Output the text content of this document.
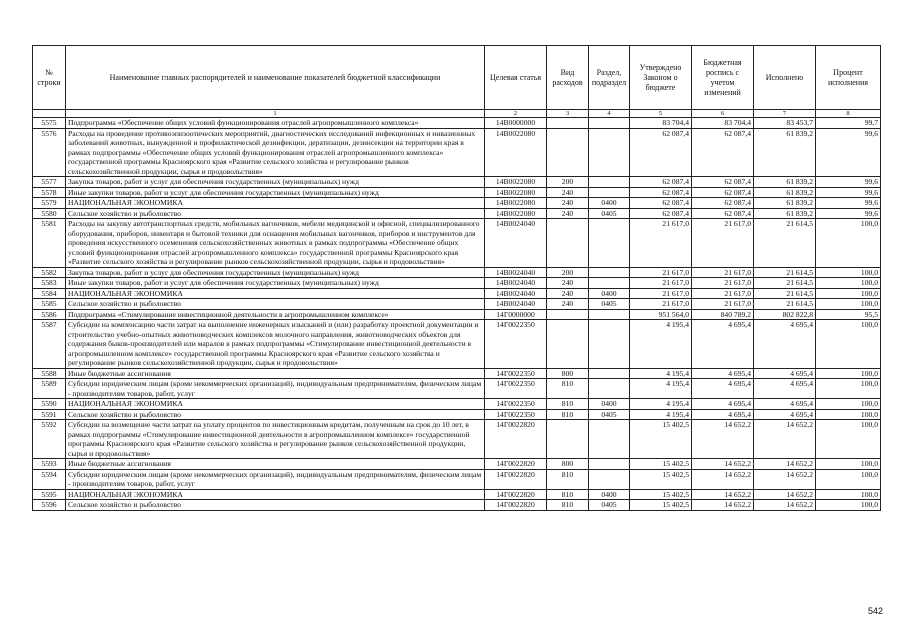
№ строки	Наименование главных распорядителей и наименование показателей бюджетной классификации	Целевая статья	Вид расходов	Раздел, подраздел	Утверждено Законом о бюджете	Бюджетная роспись с учетом изменений	Исполнено	Процент исполнения
	1	2	3	4	5	6	7	8
5575	Подпрограмма «Обеспечение общих условий функционирования отраслей агропромышленного комплекса»	14В0000000			83 704,4	83 704,4	83 453,7	99,7
5576	Расходы на проведение противоэпизоотических мероприятий, диагностических исследований инфекционных и инвазионных заболеваний животных, вынужденной и профилактической дезинфекции, дератизации, дезинсекции на территории края в рамках подпрограммы «Обеспечение общих условий функционирования отраслей агропромышленного комплекса» государственной программы Красноярского края «Развитие сельского хозяйства и регулирование рынков сельскохозяйственной продукции, сырья и продовольствия»	14В0022080			62 087,4	62 087,4	61 839,2	99,6
5577	Закупка товаров, работ и услуг для обеспечения государственных (муниципальных) нужд	14В0022080	200		62 087,4	62 087,4	61 839,2	99,6
5578	Иные закупки товаров, работ и услуг для обеспечения государственных (муниципальных) нужд	14В0022080	240		62 087,4	62 087,4	61 839,2	99,6
5579	НАЦИОНАЛЬНАЯ ЭКОНОМИКА	14В0022080	240	0400	62 087,4	62 087,4	61 839,2	99,6
5580	Сельское хозяйство и рыболовство	14В0022080	240	0405	62 087,4	62 087,4	61 839,2	99,6
5581	Расходы на закупку автотранспортных средств, мобильных вагончиков, мебели медицинской и офисной, специализированного оборудования, приборов, инвентаря и бытовой техники для оснащения мобильных вагончиков, приборов и инструментов для проведения искусственного осеменения сельскохозяйственных животных в рамках подпрограммы «Обеспечение общих условий функционирования отраслей агропромышленного комплекса» государственной программы Красноярского края «Развитие сельского хозяйства и регулирование рынков сельскохозяйственной продукции, сырья и продовольствия»	14В0024040			21 617,0	21 617,0	21 614,5	100,0
5582	Закупка товаров, работ и услуг для обеспечения государственных (муниципальных) нужд	14В0024040	200		21 617,0	21 617,0	21 614,5	100,0
5583	Иные закупки товаров, работ и услуг для обеспечения государственных (муниципальных) нужд	14В0024040	240		21 617,0	21 617,0	21 614,5	100,0
5584	НАЦИОНАЛЬНАЯ ЭКОНОМИКА	14В0024040	240	0400	21 617,0	21 617,0	21 614,5	100,0
5585	Сельское хозяйство и рыболовство	14В0024040	240	0405	21 617,0	21 617,0	21 614,5	100,0
5586	Подпрограмма «Стимулирование инвестиционной деятельности в агропромышленном комплексе»	14Г0000000			951 564,0	840 789,2	802 822,8	95,5
5587	Субсидии на компенсацию части затрат на выполнение инженерных изысканий и (или) разработку проектной документации и строительство учебно-опытных животноводческих комплексов молочного направления, животноводческих объектов для содержания быков-производителей или маралов в рамках подпрограммы «Стимулирование инвестиционной деятельности в агропромышленном комплексе» государственной программы Красноярского края «Развитие сельского хозяйства и регулирование рынков сельскохозяйственной продукции, сырья и продовольствия»	14Г0022350			4 195,4	4 695,4	4 695,4	100,0
5588	Иные бюджетные ассигнования	14Г0022350	800		4 195,4	4 695,4	4 695,4	100,0
5589	Субсидии юридическим лицам (кроме некоммерческих организаций), индивидуальным предпринимателям, физическим лицам - производителям товаров, работ, услуг	14Г0022350	810		4 195,4	4 695,4	4 695,4	100,0
5590	НАЦИОНАЛЬНАЯ ЭКОНОМИКА	14Г0022350	810	0400	4 195,4	4 695,4	4 695,4	100,0
5591	Сельское хозяйство и рыболовство	14Г0022350	810	0405	4 195,4	4 695,4	4 695,4	100,0
5592	Субсидии на возмещение части затрат на уплату процентов по инвестиционным кредитам, полученным на срок до 10 лет, в рамках подпрограммы «Стимулирование инвестиционной деятельности в агропромышленном комплексе» государственной программы Красноярского края «Развитие сельского хозяйства и регулирование рынков сельскохозяйственной продукции, сырья и продовольствия»	14Г0022820			15 402,5	14 652,2	14 652,2	100,0
5593	Иные бюджетные ассигнования	14Г0022820	800		15 402,5	14 652,2	14 652,2	100,0
5594	Субсидии юридическим лицам (кроме некоммерческих организаций), индивидуальным предпринимателям, физическим лицам - производителям товаров, работ, услуг	14Г0022820	810		15 402,5	14 652,2	14 652,2	100,0
5595	НАЦИОНАЛЬНАЯ ЭКОНОМИКА	14Г0022820	810	0400	15 402,5	14 652,2	14 652,2	100,0
5596	Сельское хозяйство и рыболовство	14Г0022820	810	0405	15 402,5	14 652,2	14 652,2	100,0
542
